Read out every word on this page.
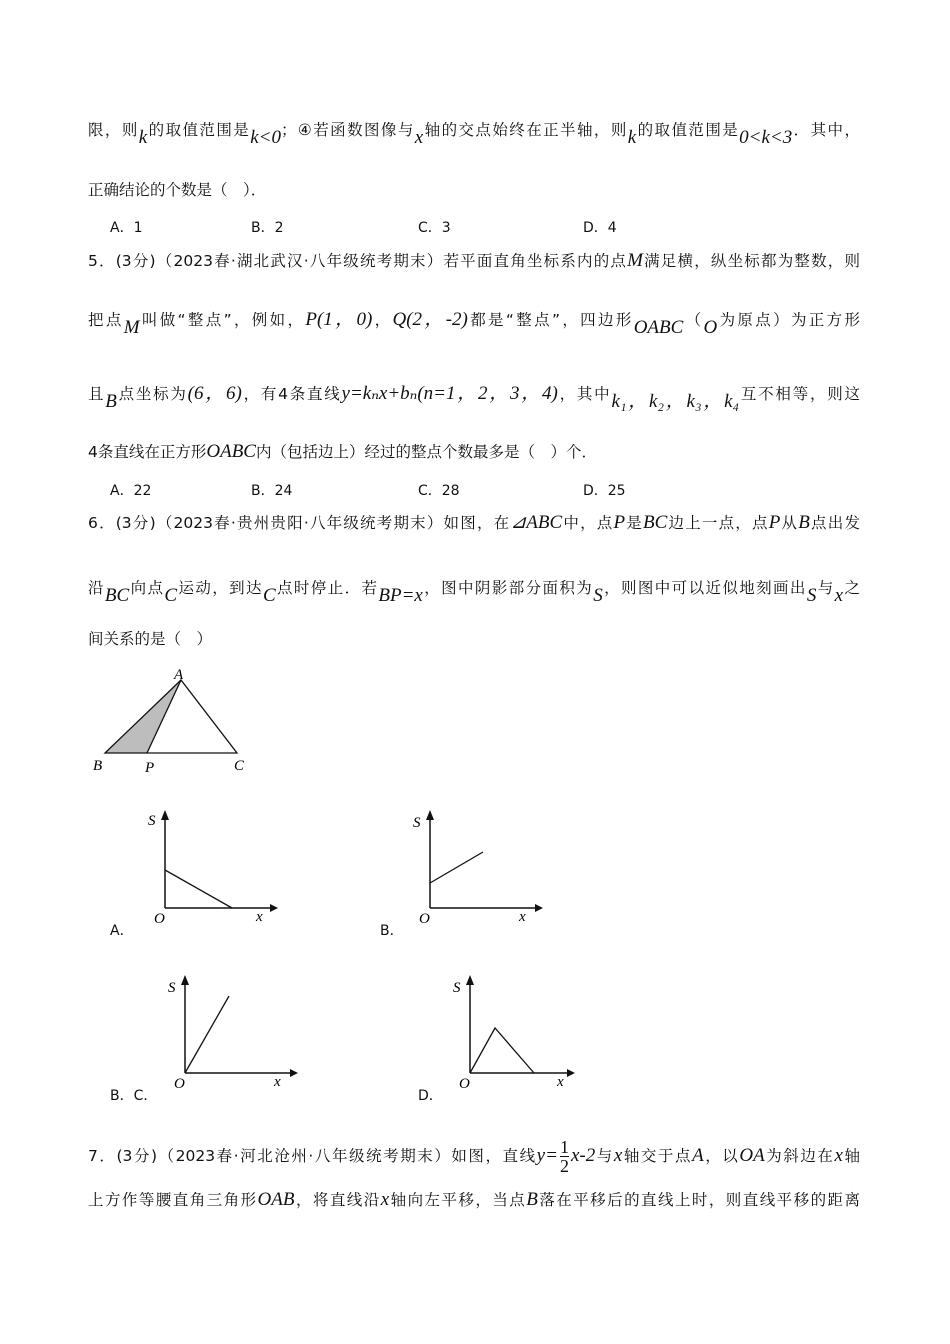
限，则k的取值范围是k<0；④若函数图像与x轴的交点始终在正半轴，则k的取值范围是0<k<3．其中，
正确结论的个数是（　）．
A．1	B．2	C．3	D．4
5．(3分)（2023春·湖北武汉·八年级统考期末）若平面直角坐标系内的点M满足横，纵坐标都为整数，则
把点M叫做“整点”，例如，P(1，0)，Q(2，-2)都是“整点”，四边形OABC（O为原点）为正方形
且B点坐标为(6，6)，有4条直线y=kₙx+bₙ(n=1，2，3，4)，其中k₁，k₂，k₃，k₄互不相等，则这
4条直线在正方形OABC内（包括边上）经过的整点个数最多是（　）个．
A．22	B．24	C．28	D．25
6．(3分)（2023春·贵州贵阳·八年级统考期末）如图，在⊿ABC中，点P是BC边上一点，点P从B点出发
沿BC向点C运动，到达C点时停止．若BP=x，图中阴影部分面积为S，则图中可以近似地刻画出S与x之
间关系的是（　）
A
B	P	C
S
O	x
A．
S
O	x
B．
S
O	x
B．C．
S
O	x
D．
7．(3分)（2023春·河北沧州·八年级统考期末）如图，直线$y= \frac{1}{2} x-2$与x轴交于点A，以OA为斜边在x轴
上方作等腰直角三角形OAB，将直线沿x轴向左平移，当点B落在平移后的直线上时，则直线平移的距离
